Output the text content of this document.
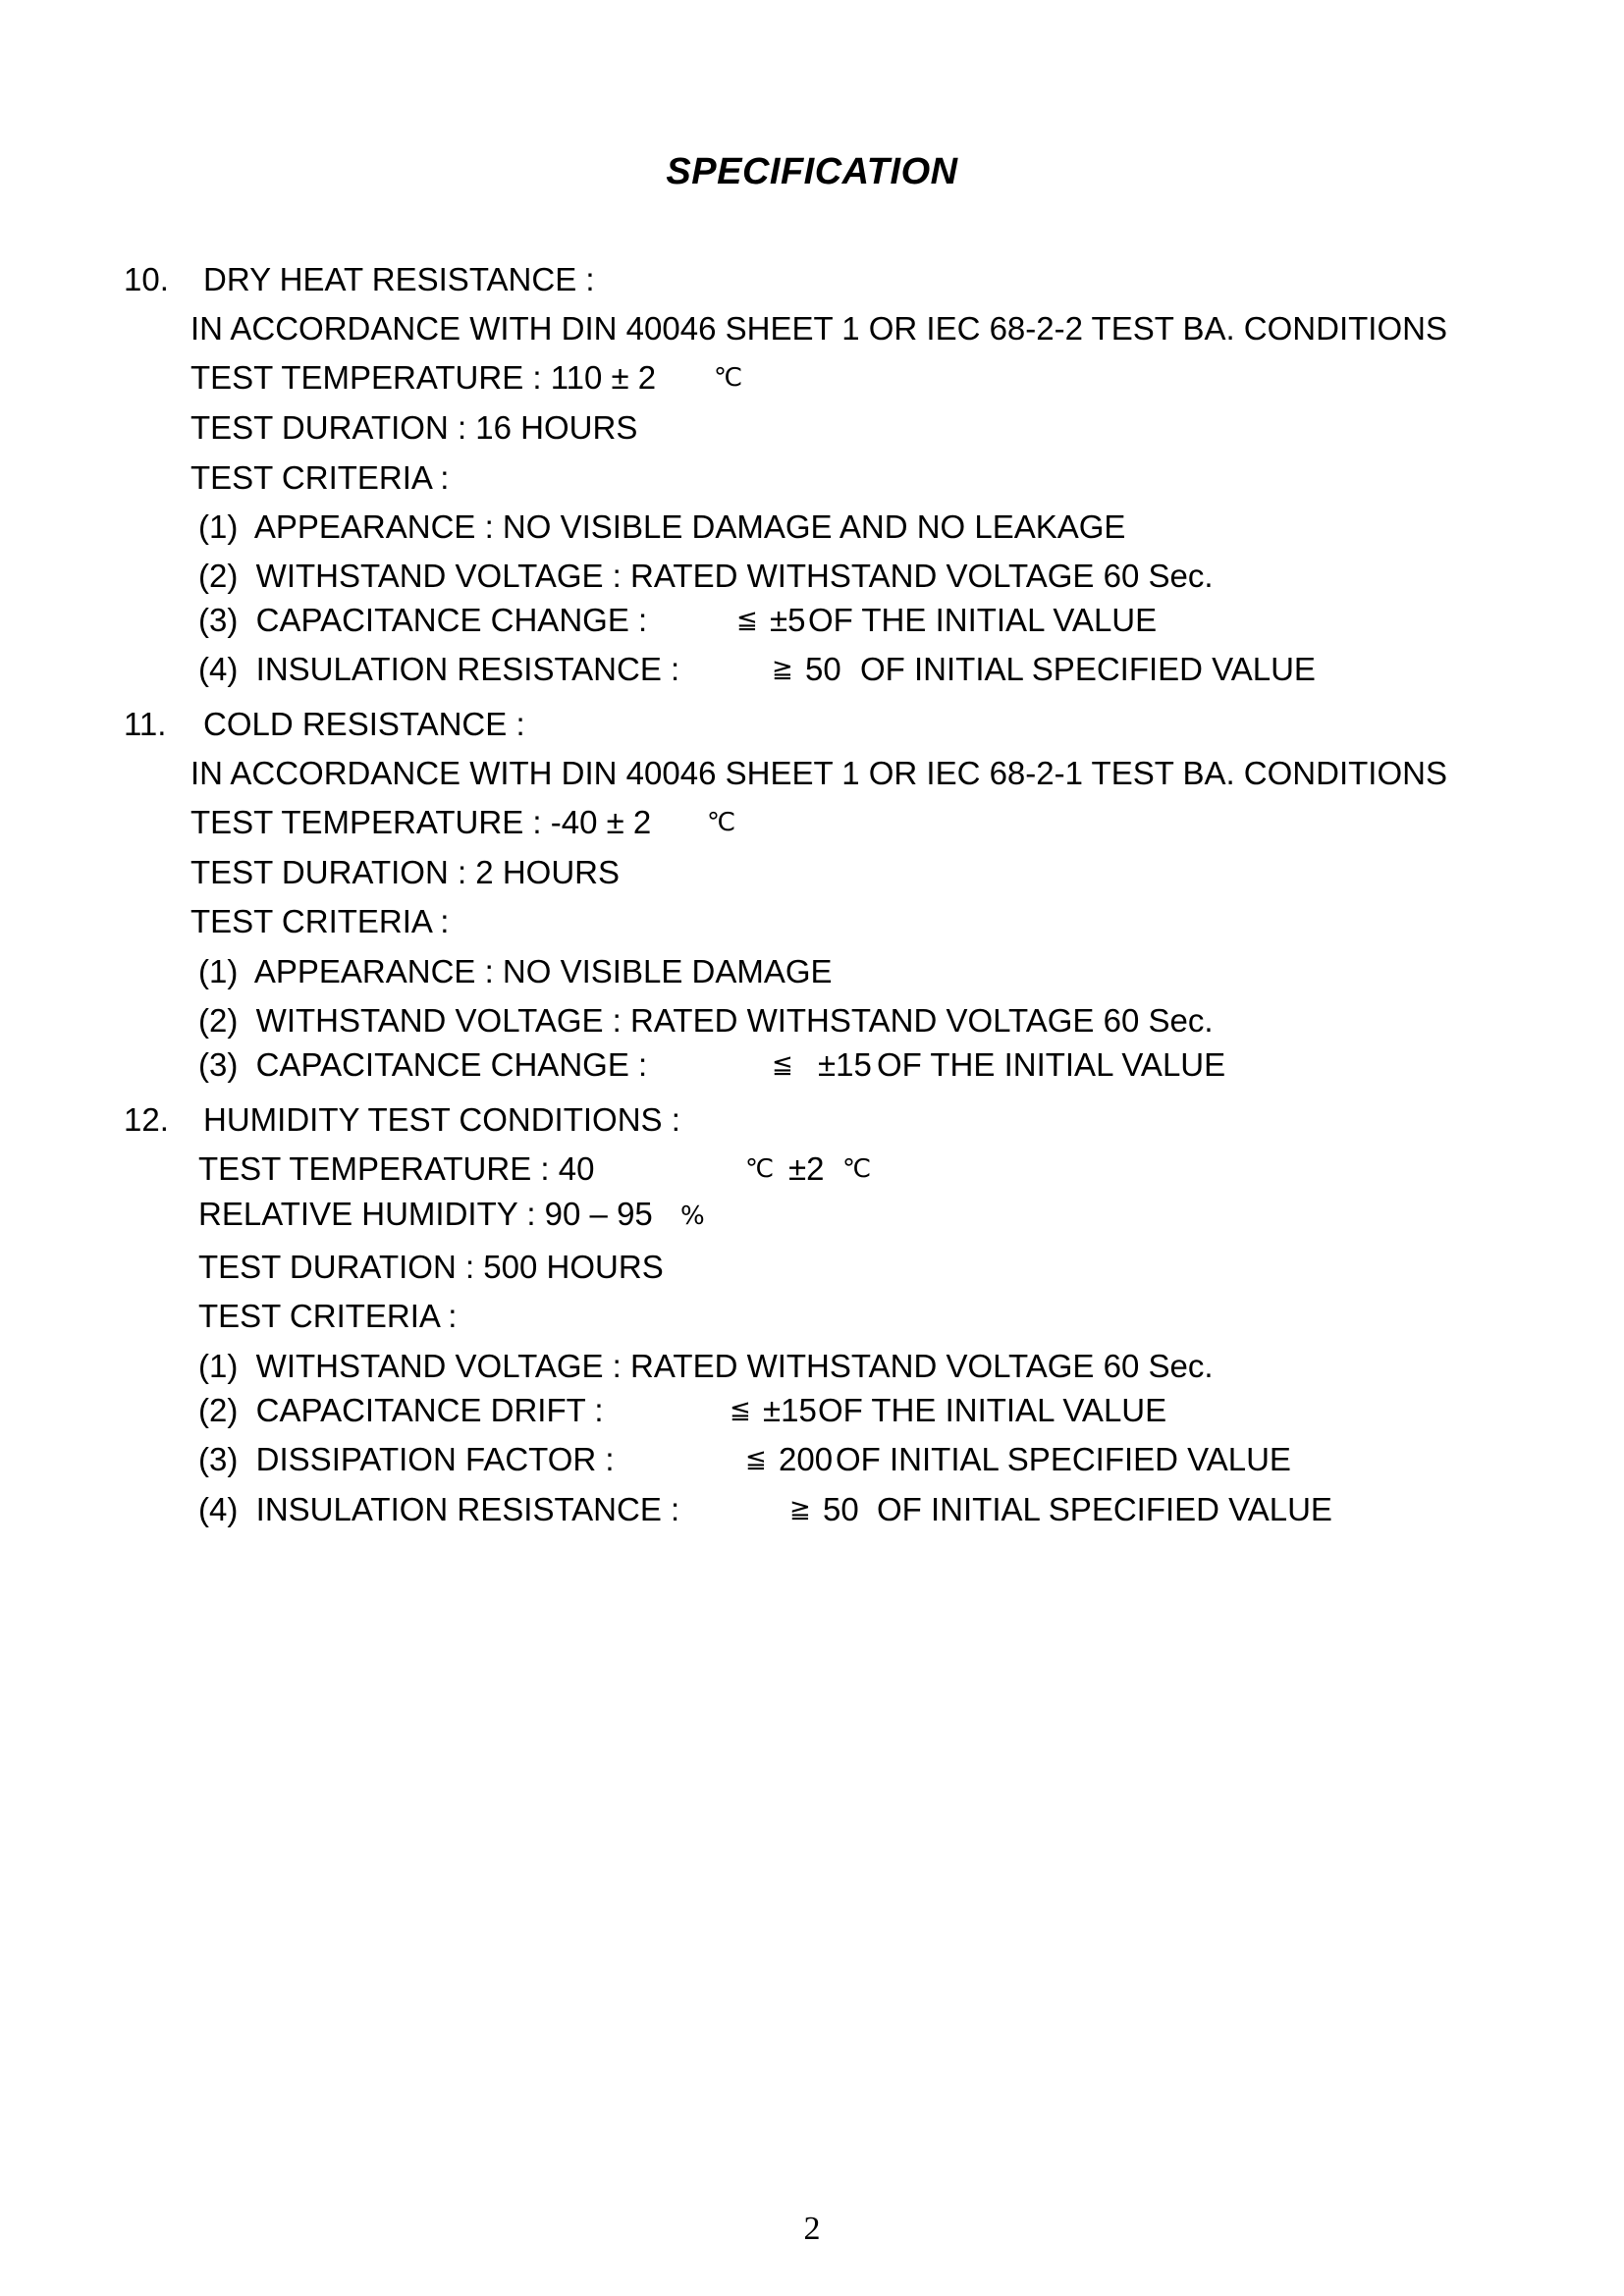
SPECIFICATION
10. DRY HEAT RESISTANCE :
IN ACCORDANCE WITH DIN 40046 SHEET 1 OR IEC 68-2-2 TEST BA. CONDITIONS
TEST TEMPERATURE : 110 ± 2 ℃
TEST DURATION : 16 HOURS
TEST CRITERIA :
(1)  APPEARANCE : NO VISIBLE DAMAGE AND NO LEAKAGE
(2)  WITHSTAND VOLTAGE : RATED WITHSTAND VOLTAGE 60 Sec.
(3)  CAPACITANCE CHANGE :	≦ ±5 OF THE INITIAL VALUE
(4)  INSULATION RESISTANCE :	≧ 50 OF INITIAL SPECIFIED VALUE
11. COLD RESISTANCE :
IN ACCORDANCE WITH DIN 40046 SHEET 1 OR IEC 68-2-1 TEST BA. CONDITIONS
TEST TEMPERATURE : -40 ± 2 ℃
TEST DURATION : 2 HOURS
TEST CRITERIA :
(1)  APPEARANCE : NO VISIBLE DAMAGE
(2)  WITHSTAND VOLTAGE : RATED WITHSTAND VOLTAGE 60 Sec.
(3)  CAPACITANCE CHANGE :	≦ ±15 OF THE INITIAL VALUE
12. HUMIDITY TEST CONDITIONS :
TEST TEMPERATURE : 40	℃ ±2 ℃
RELATIVE HUMIDITY : 90 – 95 %
TEST DURATION : 500 HOURS
TEST CRITERIA :
(1)  WITHSTAND VOLTAGE : RATED WITHSTAND VOLTAGE 60 Sec.
(2)  CAPACITANCE DRIFT :	≦ ±15 OF THE INITIAL VALUE
(3)  DISSIPATION FACTOR :	≦ 200 OF INITIAL SPECIFIED VALUE
(4)  INSULATION RESISTANCE :	≧ 50 OF INITIAL SPECIFIED VALUE
2
